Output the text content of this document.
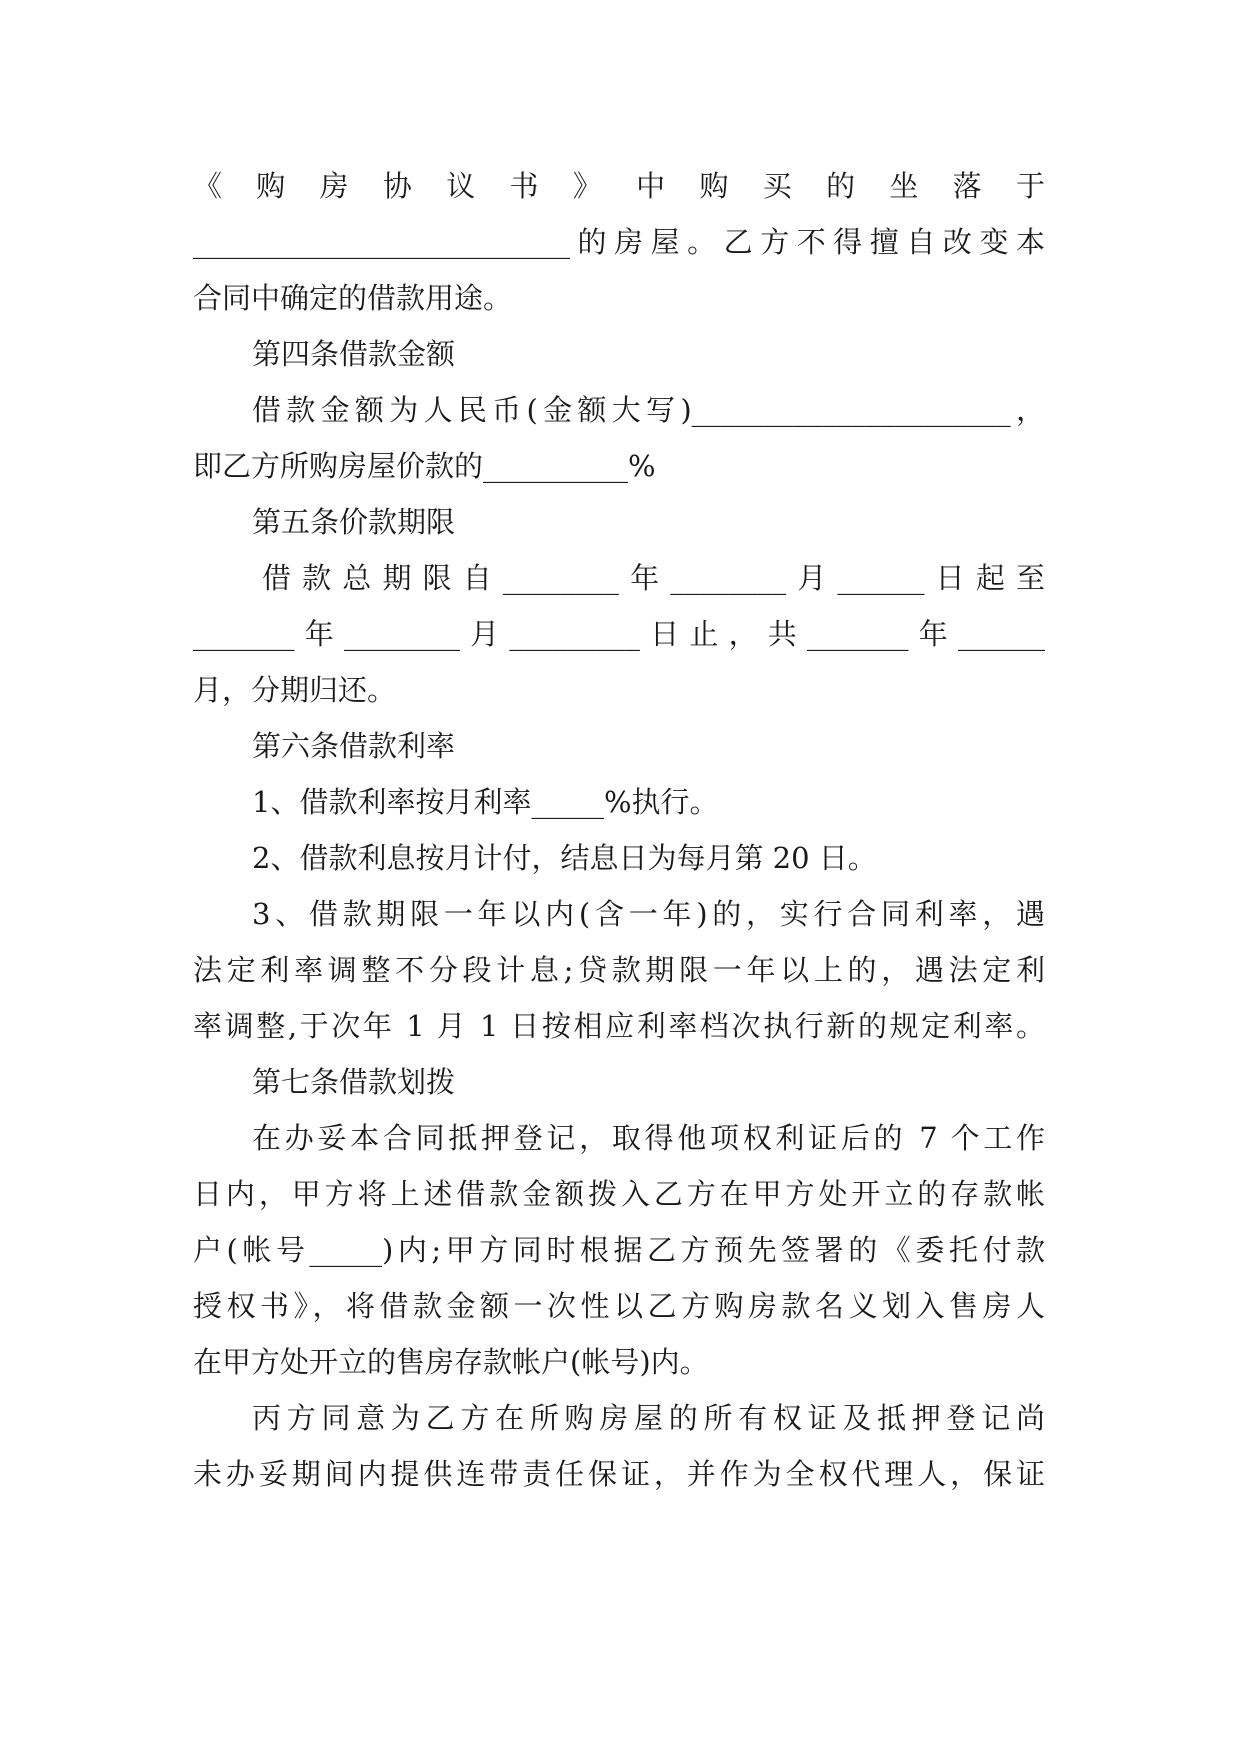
《 购 房 协 议 书 》 中 购 买 的 坐 落 于
__________________________的房屋。乙方不得擅自改变本
合同中确定的借款用途。
第四条借款金额
借款金额为人民币(金额大写)______________________，
即乙方所购房屋价款的__________%
第五条价款期限
借款总期限自________年________月______日起至
_______年________月_________日止，共_______年______
月，分期归还。
第六条借款利率
1、借款利率按月利率_____%执行。
2、借款利息按月计付，结息日为每月第 20 日。
3、借款期限一年以内(含一年)的，实行合同利率，遇
法定利率调整不分段计息;贷款期限一年以上的，遇法定利
率调整,于次年 1 月 1 日按相应利率档次执行新的规定利率。
第七条借款划拨
在办妥本合同抵押登记，取得他项权利证后的 7 个工作
日内，甲方将上述借款金额拨入乙方在甲方处开立的存款帐
户(帐号_____)内;甲方同时根据乙方预先签署的《委托付款
授权书》，将借款金额一次性以乙方购房款名义划入售房人
在甲方处开立的售房存款帐户(帐号)内。
丙方同意为乙方在所购房屋的所有权证及抵押登记尚
未办妥期间内提供连带责任保证，并作为全权代理人，保证
